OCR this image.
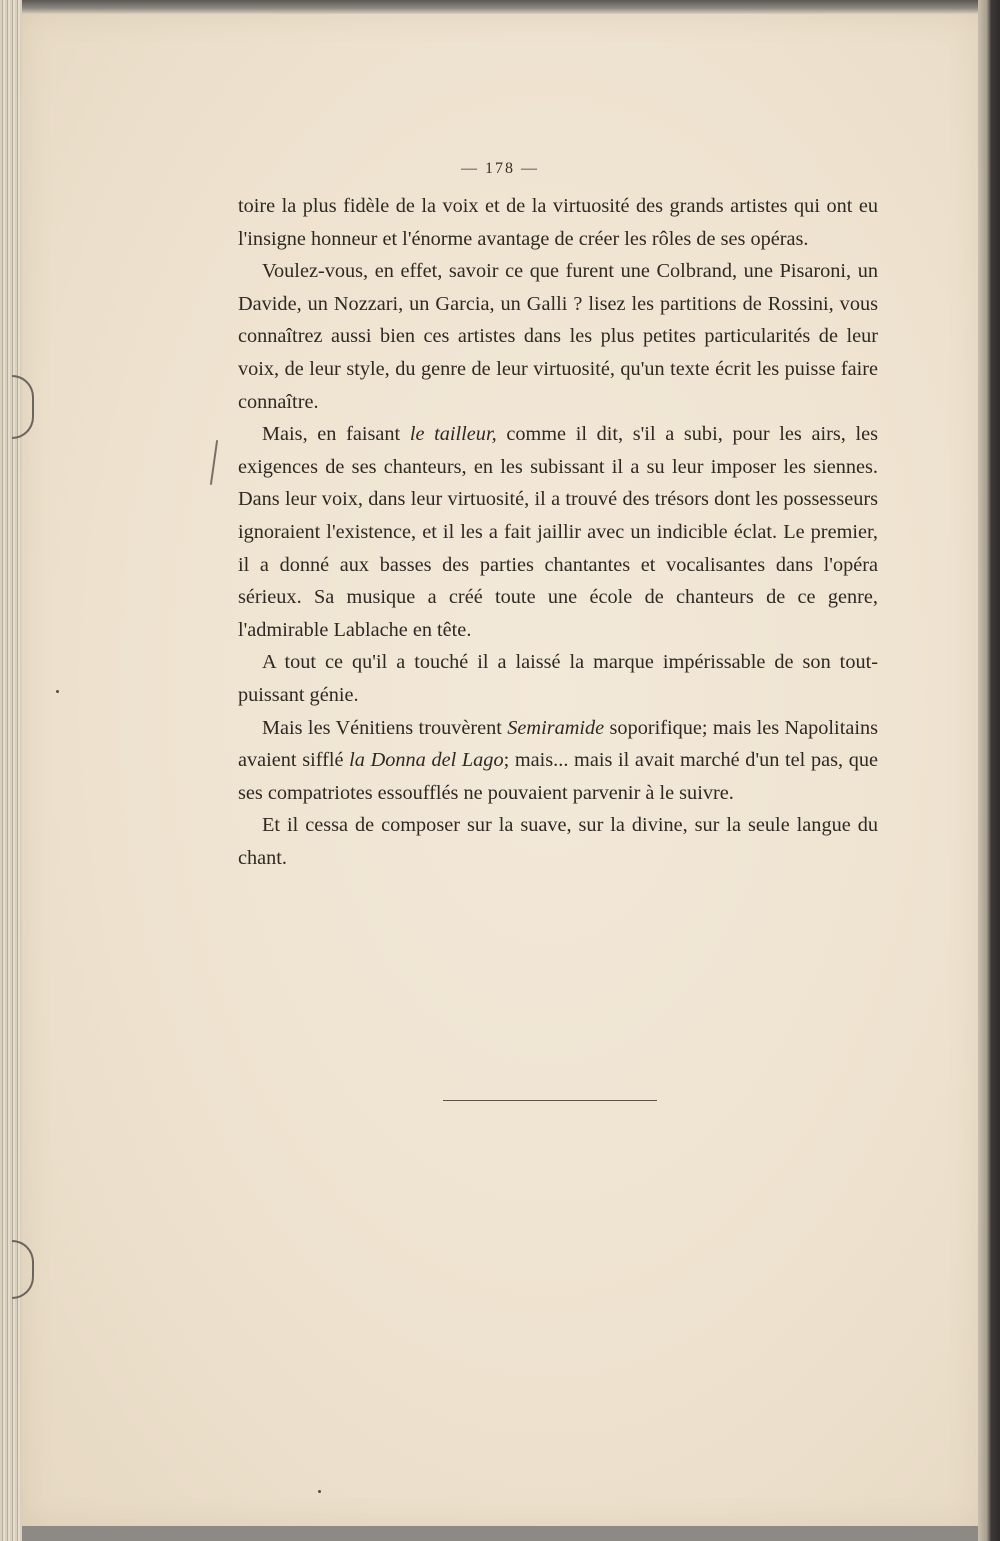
— 178 —

toire la plus fidèle de la voix et de la virtuosité des grands artistes qui ont eu l'insigne honneur et l'énorme avantage de créer les rôles de ses opéras.

Voulez-vous, en effet, savoir ce que furent une Colbrand, une Pisaroni, un Davide, un Nozzari, un Garcia, un Galli ? lisez les partitions de Rossini, vous connaîtrez aussi bien ces artistes dans les plus petites particularités de leur voix, de leur style, du genre de leur virtuosité, qu'un texte écrit les puisse faire connaître.

Mais, en faisant le tailleur, comme il dit, s'il a subi, pour les airs, les exigences de ses chanteurs, en les subissant il a su leur imposer les siennes. Dans leur voix, dans leur virtuosité, il a trouvé des trésors dont les possesseurs ignoraient l'existence, et il les a fait jaillir avec un indicible éclat. Le premier, il a donné aux basses des parties chantantes et vocalisantes dans l'opéra sérieux. Sa musique a créé toute une école de chanteurs de ce genre, l'admirable Lablache en tête.

A tout ce qu'il a touché il a laissé la marque impérissable de son tout-puissant génie.

Mais les Vénitiens trouvèrent Semiramide soporifique; mais les Napolitains avaient sifflé la Donna del Lago; mais... mais il avait marché d'un tel pas, que ses compatriotes essoufflés ne pouvaient parvenir à le suivre.

Et il cessa de composer sur la suave, sur la divine, sur la seule langue du chant.
